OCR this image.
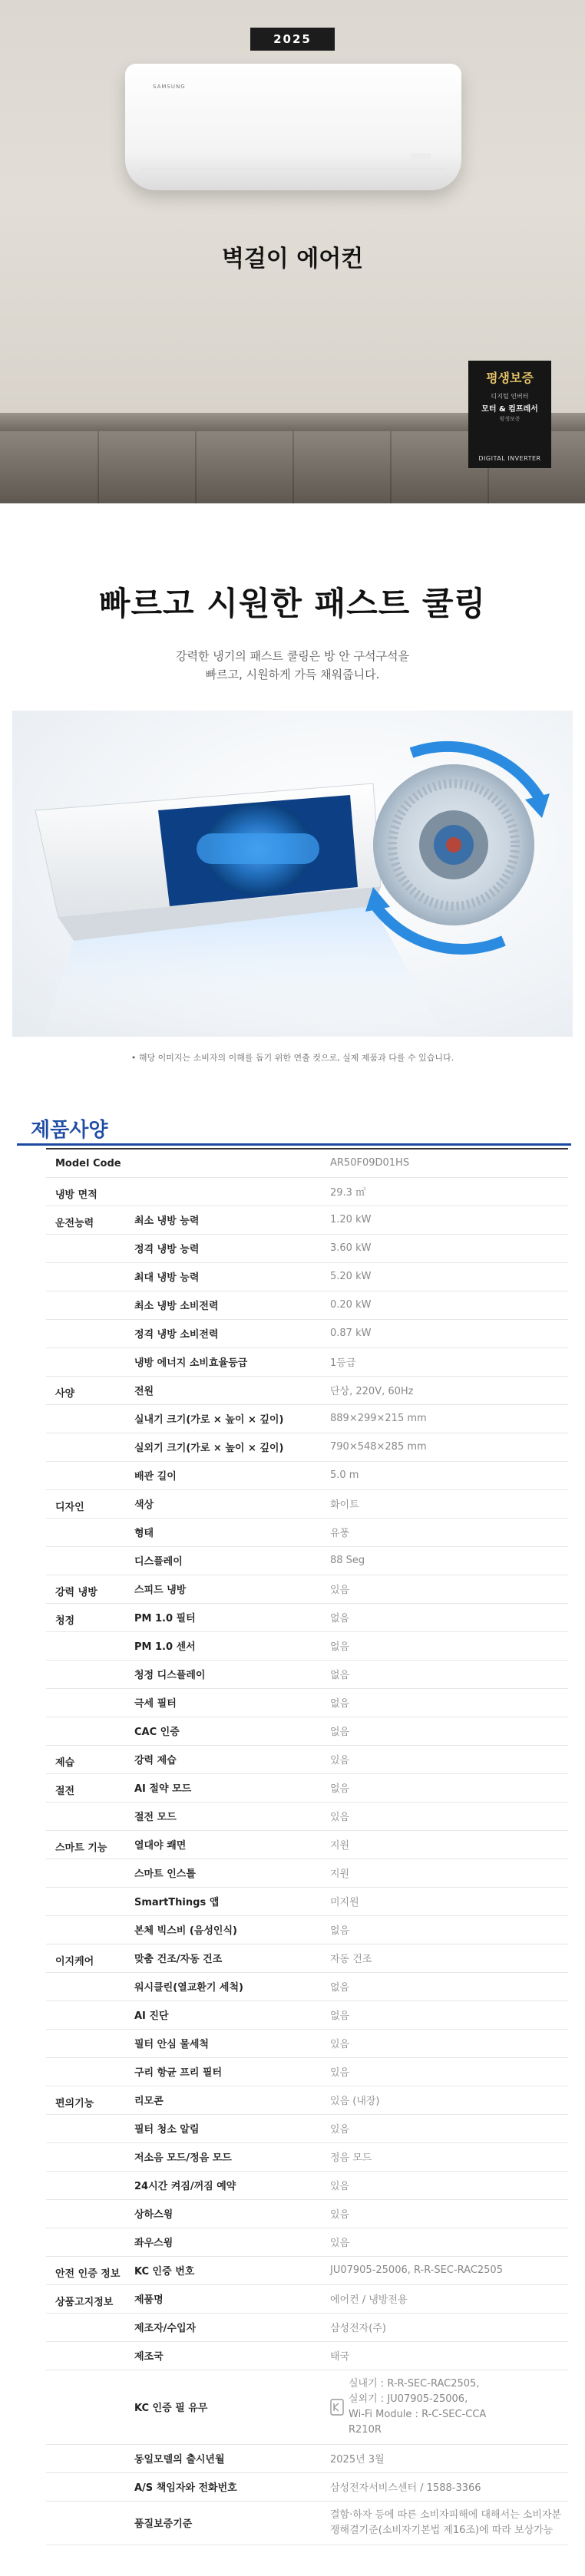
2025
SAMSUNG
벽걸이 에어컨
평생보증
디지털 인버터
모터 & 컴프레서
평생보증
DIGITAL INVERTER
빠르고 시원한 패스트 쿨링

강력한 냉기의 패스트 쿨링은 방 안 구석구석을

빠르고, 시원하게 가득 채워줍니다.

• 해당 이미지는 소비자의 이해를 돕기 위한 연출 컷으로, 실제 제품과 다를 수 있습니다.
제품사양
Model Code		AR50F09D01HS
냉방 면적		29.3 ㎡
운전능력	최소 냉방 능력	1.20 kW
	정격 냉방 능력	3.60 kW
	최대 냉방 능력	5.20 kW
	최소 냉방 소비전력	0.20 kW
	정격 냉방 소비전력	0.87 kW
	냉방 에너지 소비효율등급	1등급
사양	전원	단상, 220V, 60Hz
	실내기 크기(가로 × 높이 × 깊이)	889×299×215 mm
	실외기 크기(가로 × 높이 × 깊이)	790×548×285 mm
	배관 길이	5.0 m
디자인	색상	화이트
	형태	유풍
	디스플레이	88 Seg
강력 냉방	스피드 냉방	있음
청정	PM 1.0 필터	없음
	PM 1.0 센서	없음
	청정 디스플레이	없음
	극세 필터	없음
	CAC 인증	없음
제습	강력 제습	있음
절전	AI 절약 모드	없음
	절전 모드	있음
스마트 기능	열대야 쾌면	지원
	스마트 인스톨	지원
	SmartThings 앱	미지원
	본체 빅스비 (음성인식)	없음
이지케어	맞춤 건조/자동 건조	자동 건조
	워시클린(열교환기 세척)	없음
	AI 진단	없음
	필터 안심 물세척	있음
	구리 항균 프리 필터	있음
편의기능	리모콘	있음 (내장)
	필터 청소 알림	있음
	저소음 모드/정음 모드	정음 모드
	24시간 켜짐/꺼짐 예약	있음
	상하스윙	있음
	좌우스윙	있음
안전 인증 정보	KC 인증 번호	JU07905-25006, R-R-SEC-RAC2505
상품고지정보	제품명	에어컨 / 냉방전용
	제조자/수입자	삼성전자(주)
	제조국	태국
	KC 인증 필 유무	실내기 : R-R-SEC-RAC2505,
실외기 : JU07905-25006,
Wi-Fi Module : R-C-SEC-CCA
R210R

	동일모델의 출시년월	2025년 3월
	A/S 책임자와 전화번호	삼성전자서비스센터 / 1588-3366
	품질보증기준	결함·하자 등에 따른 소비자피해에 대해서는 소비자분쟁해결기준(소비자기본법 제16조)에 따라 보상가능
